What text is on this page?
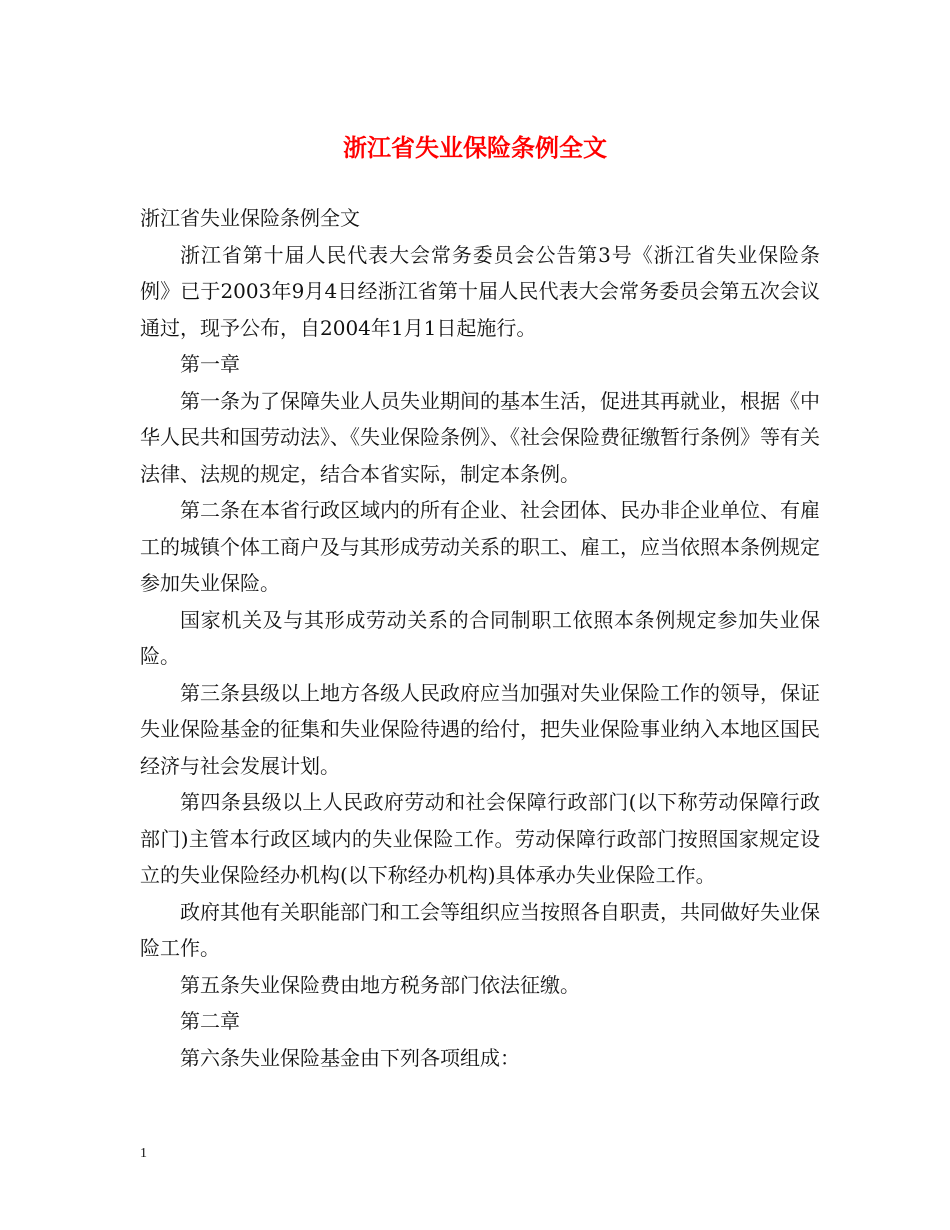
浙江省失业保险条例全文

浙江省失业保险条例全文

浙江省第十届人民代表大会常务委员会公告第3号《浙江省失业保险条例》已于2003年9月4日经浙江省第十届人民代表大会常务委员会第五次会议通过，现予公布，自2004年1月1日起施行。

第一章

第一条为了保障失业人员失业期间的基本生活，促进其再就业，根据《中华人民共和国劳动法》、《失业保险条例》、《社会保险费征缴暂行条例》等有关法律、法规的规定，结合本省实际，制定本条例。

第二条在本省行政区域内的所有企业、社会团体、民办非企业单位、有雇工的城镇个体工商户及与其形成劳动关系的职工、雇工，应当依照本条例规定参加失业保险。

国家机关及与其形成劳动关系的合同制职工依照本条例规定参加失业保险。

第三条县级以上地方各级人民政府应当加强对失业保险工作的领导，保证失业保险基金的征集和失业保险待遇的给付，把失业保险事业纳入本地区国民经济与社会发展计划。

第四条县级以上人民政府劳动和社会保障行政部门(以下称劳动保障行政部门)主管本行政区域内的失业保险工作。劳动保障行政部门按照国家规定设立的失业保险经办机构(以下称经办机构)具体承办失业保险工作。

政府其他有关职能部门和工会等组织应当按照各自职责，共同做好失业保险工作。

第五条失业保险费由地方税务部门依法征缴。

第二章

第六条失业保险基金由下列各项组成：

1
